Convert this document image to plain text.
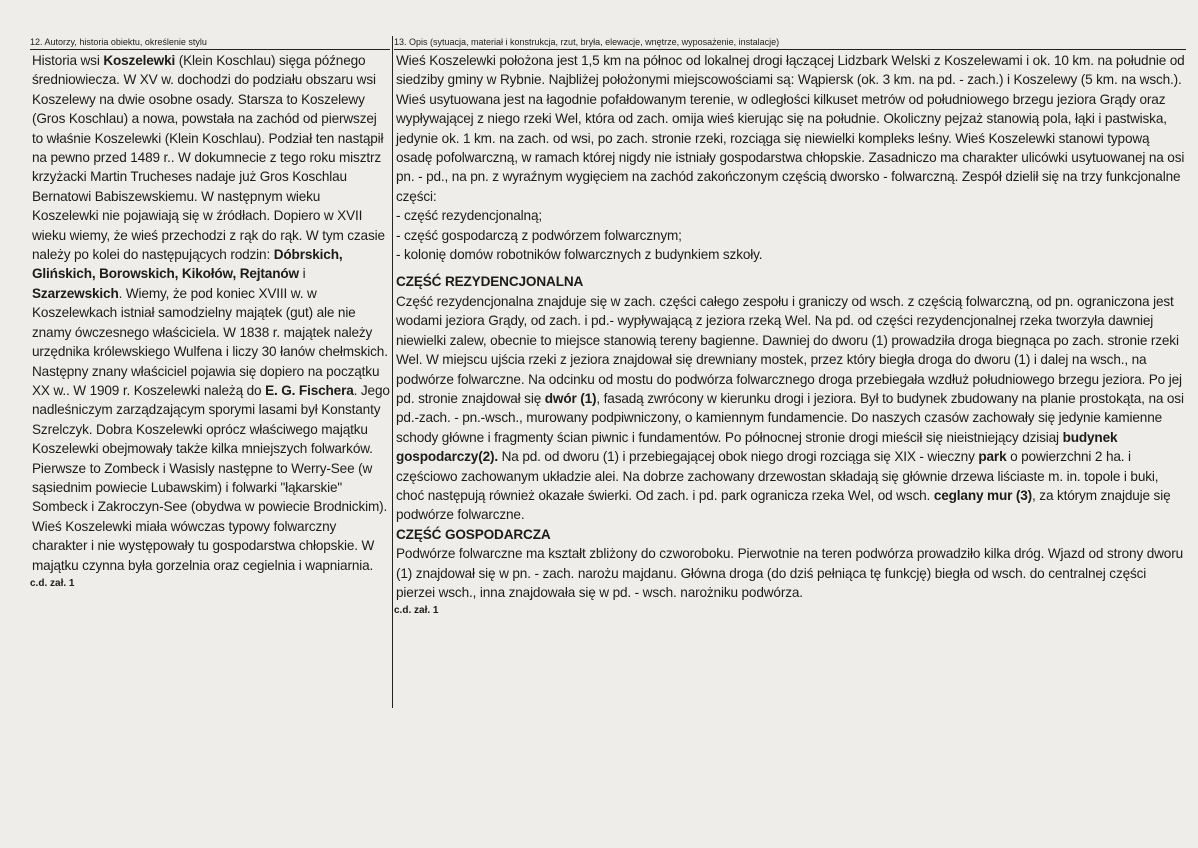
12. Autorzy, historia obiektu, określenie stylu

Historia wsi Koszelewki (Klein Koschlau) sięga późnego średniowiecza. W XV w. dochodzi do podziału obszaru wsi Koszelewy na dwie osobne osady. Starsza to Koszelewy (Gros Koschlau) a nowa, powstała na zachód od pierwszej to właśnie Koszelewki (Klein Koschlau). Podział ten nastąpił na pewno przed 1489 r.. W dokumnecie z tego roku misztrz krzyżacki Martin Trucheses nadaje już Gros Koschlau Bernatowi Babiszewskiemu. W następnym wieku Koszelewki nie pojawiają się w źródłach. Dopiero w XVII wieku wiemy, że wieś przechodzi z rąk do rąk. W tym czasie należy po kolei do następujących rodzin: Dóbrskich, Glińskich, Borowskich, Kikołów, Rejtanów i Szarzewskich. Wiemy, że pod koniec XVIII w. w Koszelewkach istniał samodzielny majątek (gut) ale nie znamy ówczesnego właściciela. W 1838 r. majątek należy urzędnika królewskiego Wulfena i liczy 30 łanów chełmskich. Następny znany właściciel pojawia się dopiero na początku XX w.. W 1909 r. Koszelewki należą do E. G. Fischera. Jego nadleśniczym zarządzającym sporymi lasami był Konstanty Szrelczyk. Dobra Koszelewki oprócz właściwego majątku Koszelewki obejmowały także kilka mniejszych folwarków. Pierwsze to Zombeck i Wasisly następne to Werry-See (w sąsiednim powiecie Lubawskim) i folwarki "łąkarskie" Sombeck i Zakroczyn-See (obydwa w powiecie Brodnickim). Wieś Koszelewki miała wówczas typowy folwarczny charakter i nie występowały tu gospodarstwa chłopskie. W majątku czynna była gorzelnia oraz cegielnia i wapniarnia.

c.d. zał. 1
13. Opis (sytuacja, materiał i konstrukcja, rzut, bryła, elewacje, wnętrze, wyposażenie, instalacje)

Wieś Koszelewki położona jest 1,5 km na północ od lokalnej drogi łączącej Lidzbark Welski z Koszelewami i ok. 10 km. na południe od siedziby gminy w Rybnie. Najbliżej położonymi miejscowościami są: Wąpiersk (ok. 3 km. na pd. - zach.) i Koszelewy (5 km. na wsch.). Wieś usytuowana jest na łagodnie pofałdowanym terenie, w odległości kilkuset metrów od południowego brzegu jeziora Grądy oraz wypływającej z niego rzeki Wel, która od zach. omija wieś kierując się na południe. Okoliczny pejzaż stanowią pola, łąki i pastwiska, jedynie ok. 1 km. na zach. od wsi, po zach. stronie rzeki, rozciąga się niewielki kompleks leśny. Wieś Koszelewki stanowi typową osadę pofolwarczną, w ramach której nigdy nie istniały gospodarstwa chłopskie. Zasadniczo ma charakter ulicówki usytuowanej na osi pn. - pd., na pn. z wyraźnym wygięciem na zachód zakończonym częścią dworsko - folwarczną. Zespół dzielił się na trzy funkcjonalne części:

- część rezydencjonalną;

- część gospodarczą z podwórzem folwarcznym;

- kolonię domów robotników folwarcznych z budynkiem szkoły.

CZĘŚĆ REZYDENCJONALNA

Część rezydencjonalna znajduje się w zach. części całego zespołu i graniczy od wsch. z częścią folwarczną, od pn. ograniczona jest wodami jeziora Grądy, od zach. i pd.- wypływającą z jeziora rzeką Wel. Na pd. od części rezydencjonalnej rzeka tworzyła dawniej niewielki zalew, obecnie to miejsce stanowią tereny bagienne. Dawniej do dworu (1) prowadziła droga biegnąca po zach. stronie rzeki Wel. W miejscu ujścia rzeki z jeziora znajdował się drewniany mostek, przez który biegła droga do dworu (1) i dalej na wsch., na podwórze folwarczne. Na odcinku od mostu do podwórza folwarcznego droga przebiegała wzdłuż południowego brzegu jeziora. Po jej pd. stronie znajdował się dwór (1), fasadą zwrócony w kierunku drogi i jeziora. Był to budynek zbudowany na planie prostokąta, na osi pd.-zach. - pn.-wsch., murowany podpiwniczony, o kamiennym fundamencie. Do naszych czasów zachowały się jedynie kamienne schody główne i fragmenty ścian piwnic i fundamentów. Po północnej stronie drogi mieścił się nieistniejący dzisiaj budynek gospodarczy(2). Na pd. od dworu (1) i przebiegającej obok niego drogi rozciąga się XIX - wieczny park o powierzchni 2 ha. i częściowo zachowanym układzie alei. Na dobrze zachowany drzewostan składają się głównie drzewa liściaste m. in. topole i buki, choć następują również okazałe świerki. Od zach. i pd. park ogranicza rzeka Wel, od wsch. ceglany mur (3), za którym znajduje się podwórze folwarczne.

CZĘŚĆ GOSPODARCZA

Podwórze folwarczne ma kształt zbliżony do czworoboku. Pierwotnie na teren podwórza prowadziło kilka dróg. Wjazd od strony dworu (1) znajdował się w pn. - zach. narożu majdanu. Główna droga (do dziś pełniąca tę funkcję) biegła od wsch. do centralnej części pierzei wsch., inna znajdowała się w pd. - wsch. narożniku podwórza.

c.d. zał. 1
